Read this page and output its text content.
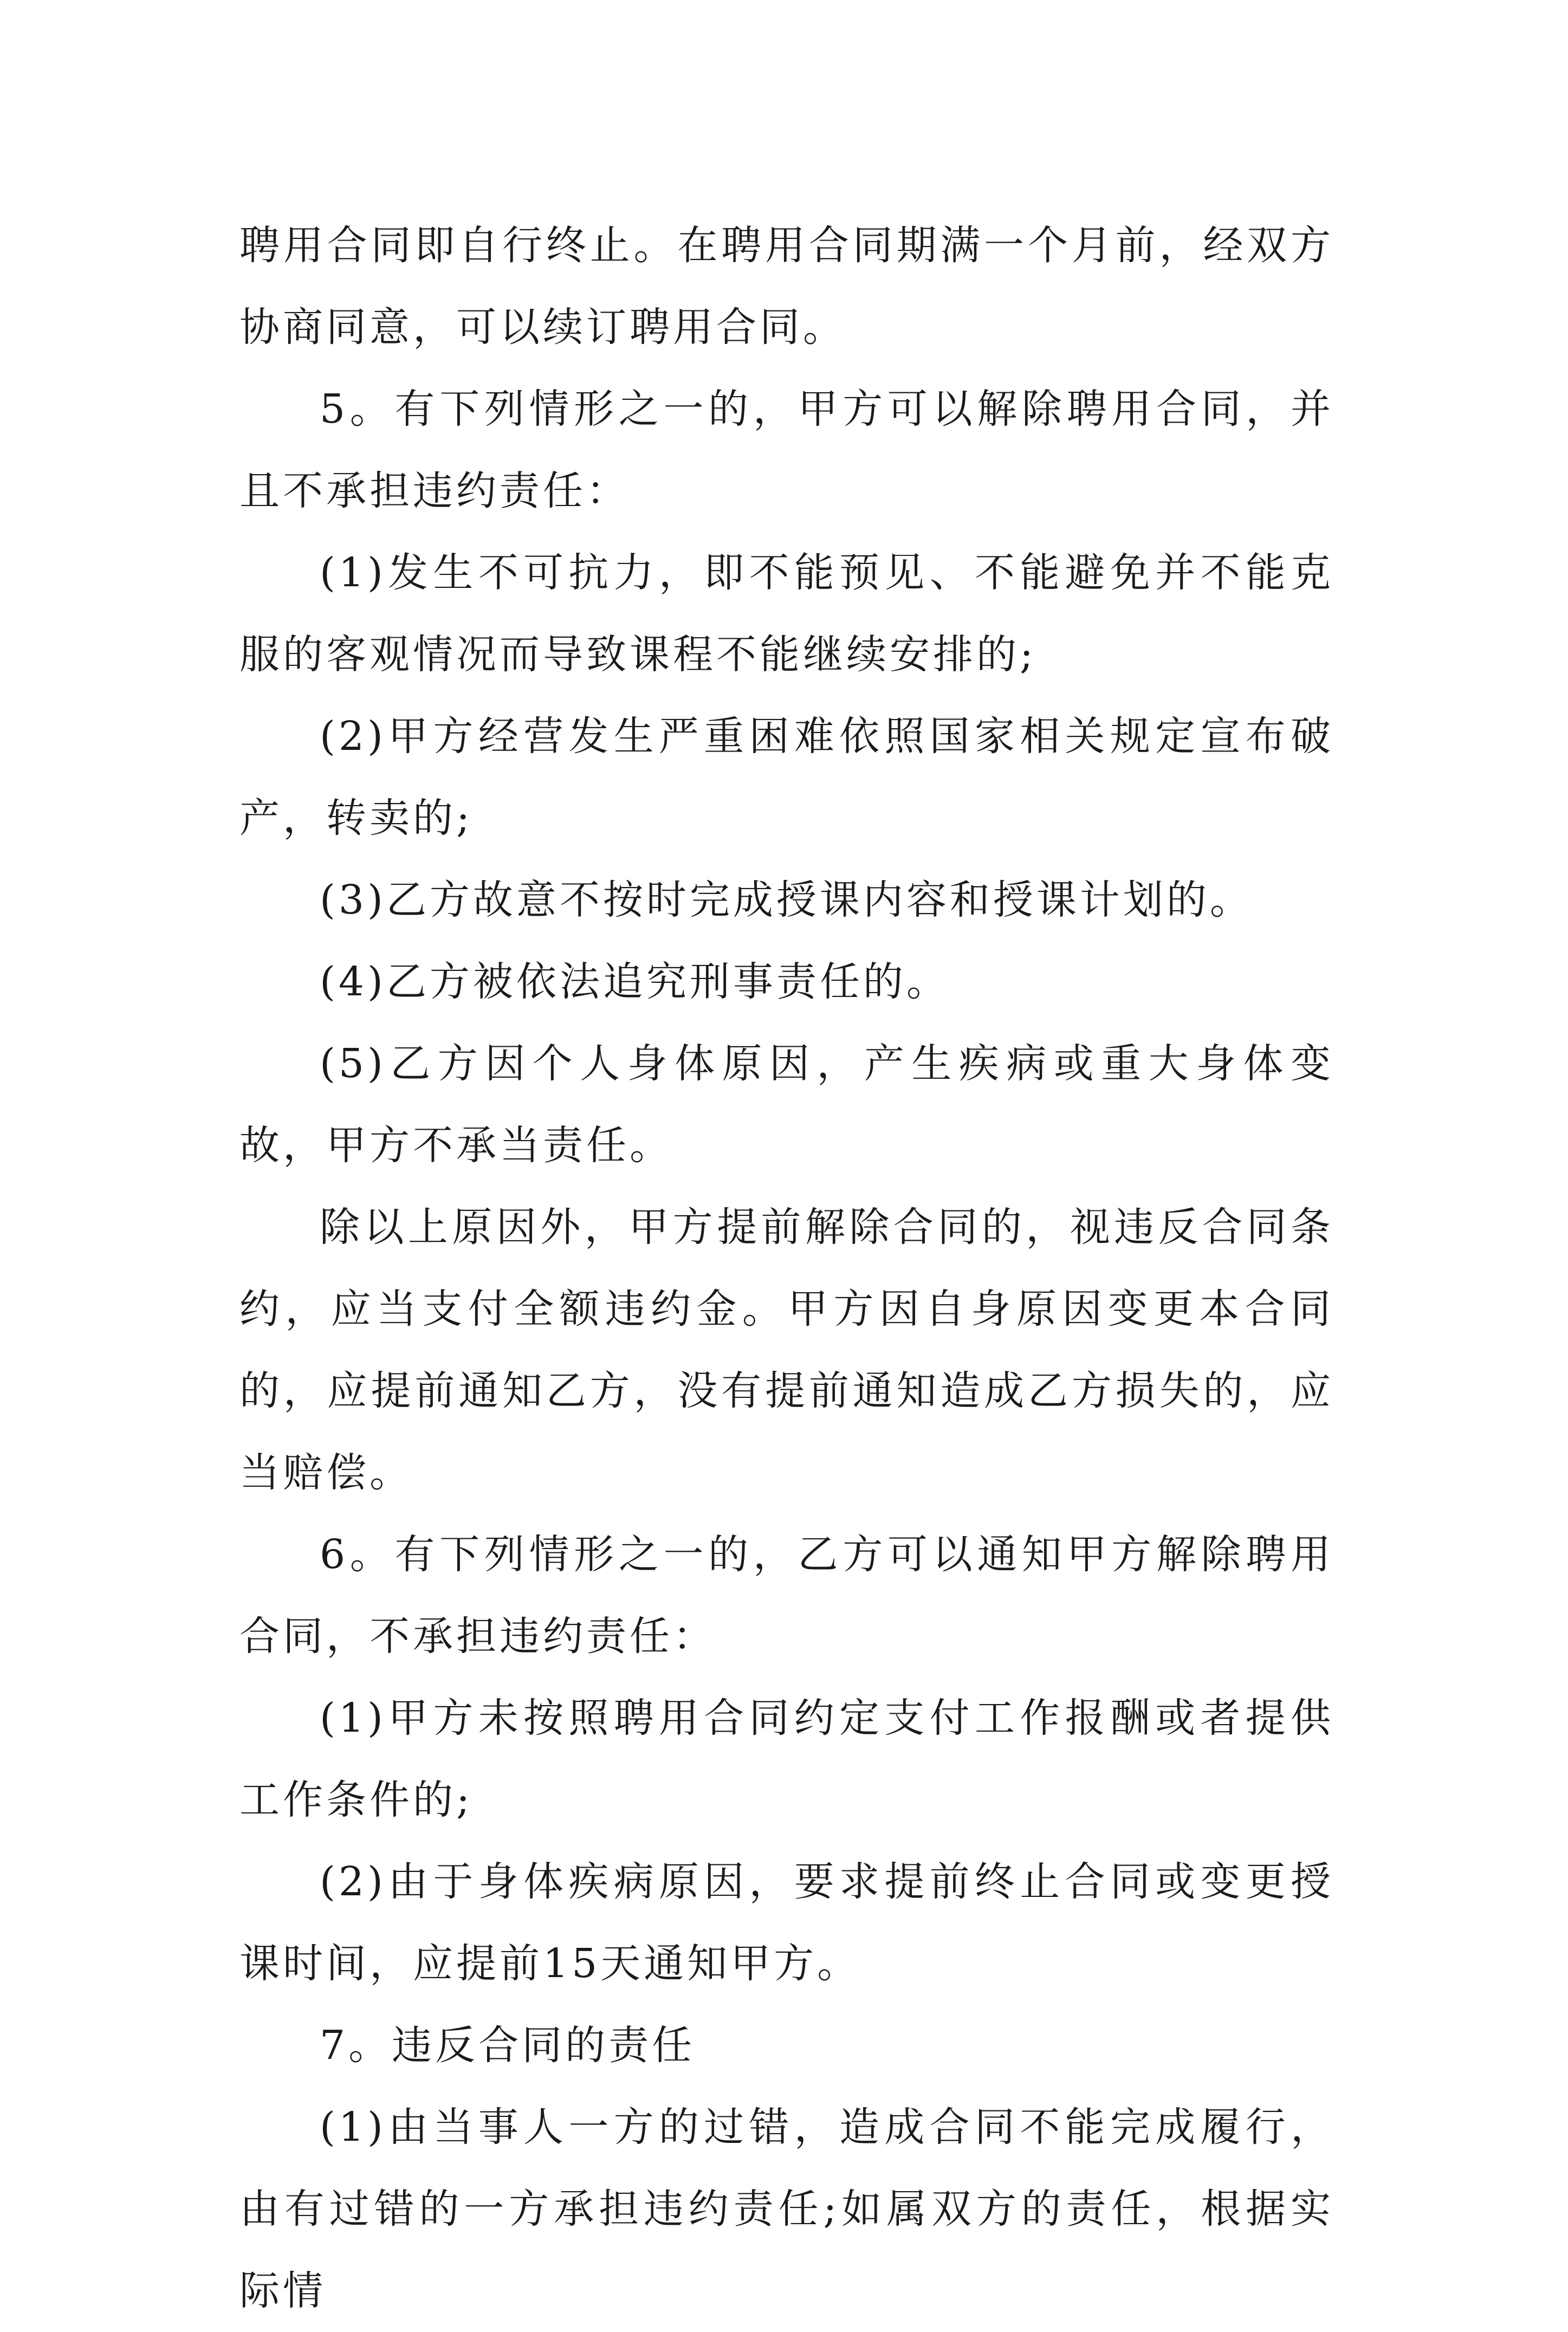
聘用合同即自行终止。在聘用合同期满一个月前，经双方协商同意，可以续订聘用合同。

5。有下列情形之一的，甲方可以解除聘用合同，并且不承担违约责任：

(1)发生不可抗力，即不能预见、不能避免并不能克服的客观情况而导致课程不能继续安排的;

(2)甲方经营发生严重困难依照国家相关规定宣布破产，转卖的;

(3)乙方故意不按时完成授课内容和授课计划的。

(4)乙方被依法追究刑事责任的。

(5)乙方因个人身体原因，产生疾病或重大身体变故，甲方不承当责任。

除以上原因外，甲方提前解除合同的，视违反合同条约，应当支付全额违约金。甲方因自身原因变更本合同的，应提前通知乙方，没有提前通知造成乙方损失的，应当赔偿。

6。有下列情形之一的，乙方可以通知甲方解除聘用合同，不承担违约责任：

(1)甲方未按照聘用合同约定支付工作报酬或者提供工作条件的;

(2)由于身体疾病原因，要求提前终止合同或变更授课时间，应提前15天通知甲方。

7。违反合同的责任

(1)由当事人一方的过错，造成合同不能完成履行，由有过错的一方承担违约责任;如属双方的责任，根据实际情
